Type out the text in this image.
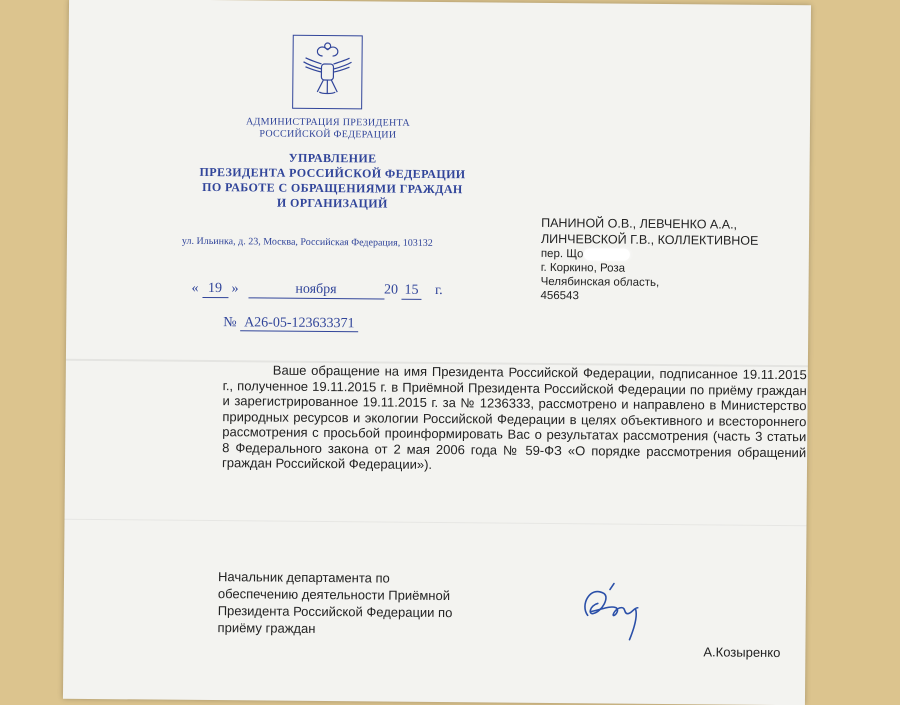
АДМИНИСТРАЦИЯ ПРЕЗИДЕНТА
РОССИЙСКОЙ ФЕДЕРАЦИИ
УПРАВЛЕНИЕ
ПРЕЗИДЕНТА РОССИЙСКОЙ ФЕДЕРАЦИИ
ПО РАБОТЕ С ОБРАЩЕНИЯМИ ГРАЖДАН
И ОРГАНИЗАЦИЙ
ул. Ильинка, д. 23, Москва, Российская Федерация, 103132
« 19 »	ноября	20 15 г.
№ А26-05-123633371
ПАНИНОЙ О.В., ЛЕВЧЕНКО А.А.,
ЛИНЧЕВСКОЙ Г.В., КОЛЛЕКТИВНОЕ
пер. Що
г. Коркино, Роза
Челябинская область,
456543

Ваше обращение на имя Президента Российской Федерации, подписанное 19.11.2015 г., полученное 19.11.2015 г. в Приёмной Президента Российской Федерации по приёму граждан и зарегистрированное 19.11.2015 г. за № 1236333, рассмотрено и направлено в Министерство природных ресурсов и экологии Российской Федерации в целях объективного и всестороннего рассмотрения с просьбой проинформировать Вас о результатах рассмотрения (часть 3 статьи 8 Федерального закона от 2 мая 2006 года № 59-ФЗ «О порядке рассмотрения обращений граждан Российской Федерации»).

Начальник департамента по
обеспечению деятельности Приёмной
Президента Российской Федерации по
приёму граждан
А.Козыренко
